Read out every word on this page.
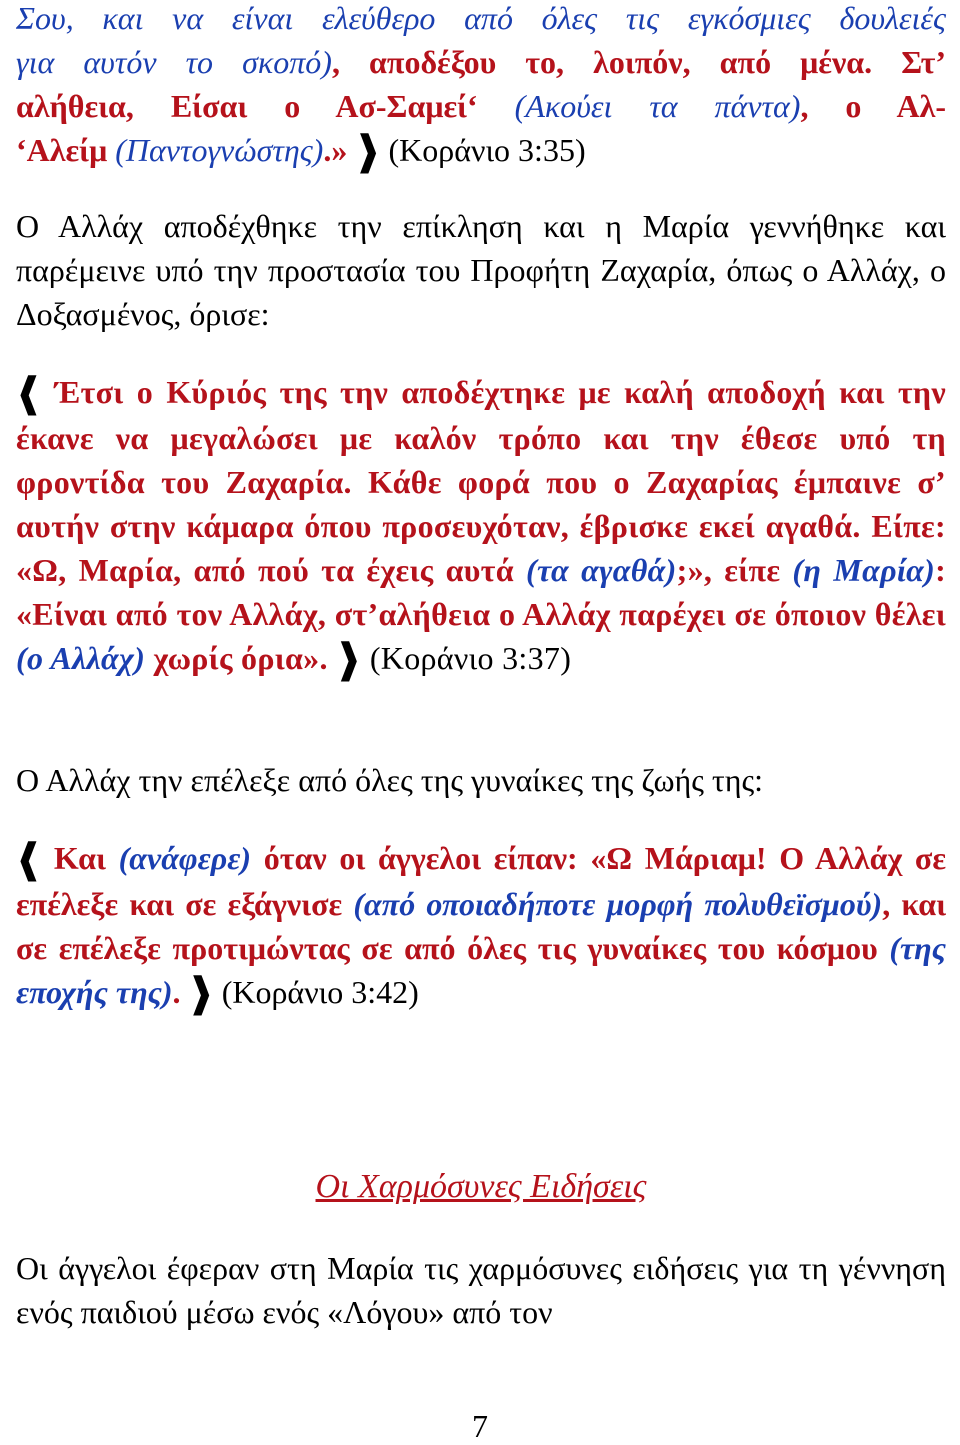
Σου, και να είναι ελεύθερο από όλες τις εγκόσμιες δουλειές

για αυτόν το σκοπό), αποδέξου το, λοιπόν, από μένα. Στ’

αλήθεια, Είσαι ο Ασ-Σαμεί‘ (Ακούει τα πάντα), ο Αλ-

‘Αλείμ (Παντογνώστης).» ❱ (Κοράνιο 3:35)

Ο Αλλάχ αποδέχθηκε την επίκληση και η Μαρία γεννήθηκε και παρέμεινε υπό την προστασία του Προφήτη Ζαχαρία, όπως ο Αλλάχ, ο Δοξασμένος, όρισε:

❰ Έτσι ο Κύριός της την αποδέχτηκε με καλή αποδοχή και την έκανε να μεγαλώσει με καλόν τρόπο και την έθεσε υπό τη φροντίδα του Ζαχαρία. Κάθε φορά που ο Ζαχαρίας έμπαινε σ’ αυτήν στην κάμαρα όπου προσευχόταν, έβρισκε εκεί αγαθά. Είπε: «Ω, Μαρία, από πού τα έχεις αυτά (τα αγαθά);», είπε (η Μαρία): «Είναι από τον Αλλάχ, στ’αλήθεια ο Αλλάχ παρέχει σε όποιον θέλει (ο Αλλάχ) χωρίς όρια». ❱ (Κοράνιο 3:37)

Ο Αλλάχ την επέλεξε από όλες της γυναίκες της ζωής της:

❰ Και (ανάφερε) όταν οι άγγελοι είπαν: «Ω Μάριαμ! Ο Αλλάχ σε επέλεξε και σε εξάγνισε (από οποιαδήποτε μορφή πολυθεϊσμού), και σε επέλεξε προτιμώντας σε από όλες τις γυναίκες του κόσμου (της εποχής της). ❱ (Κοράνιο 3:42)

Οι Χαρμόσυνες Ειδήσεις

Οι άγγελοι έφεραν στη Μαρία τις χαρμόσυνες ειδήσεις για τη γέννηση ενός παιδιού μέσω ενός «Λόγου» από τον

7
